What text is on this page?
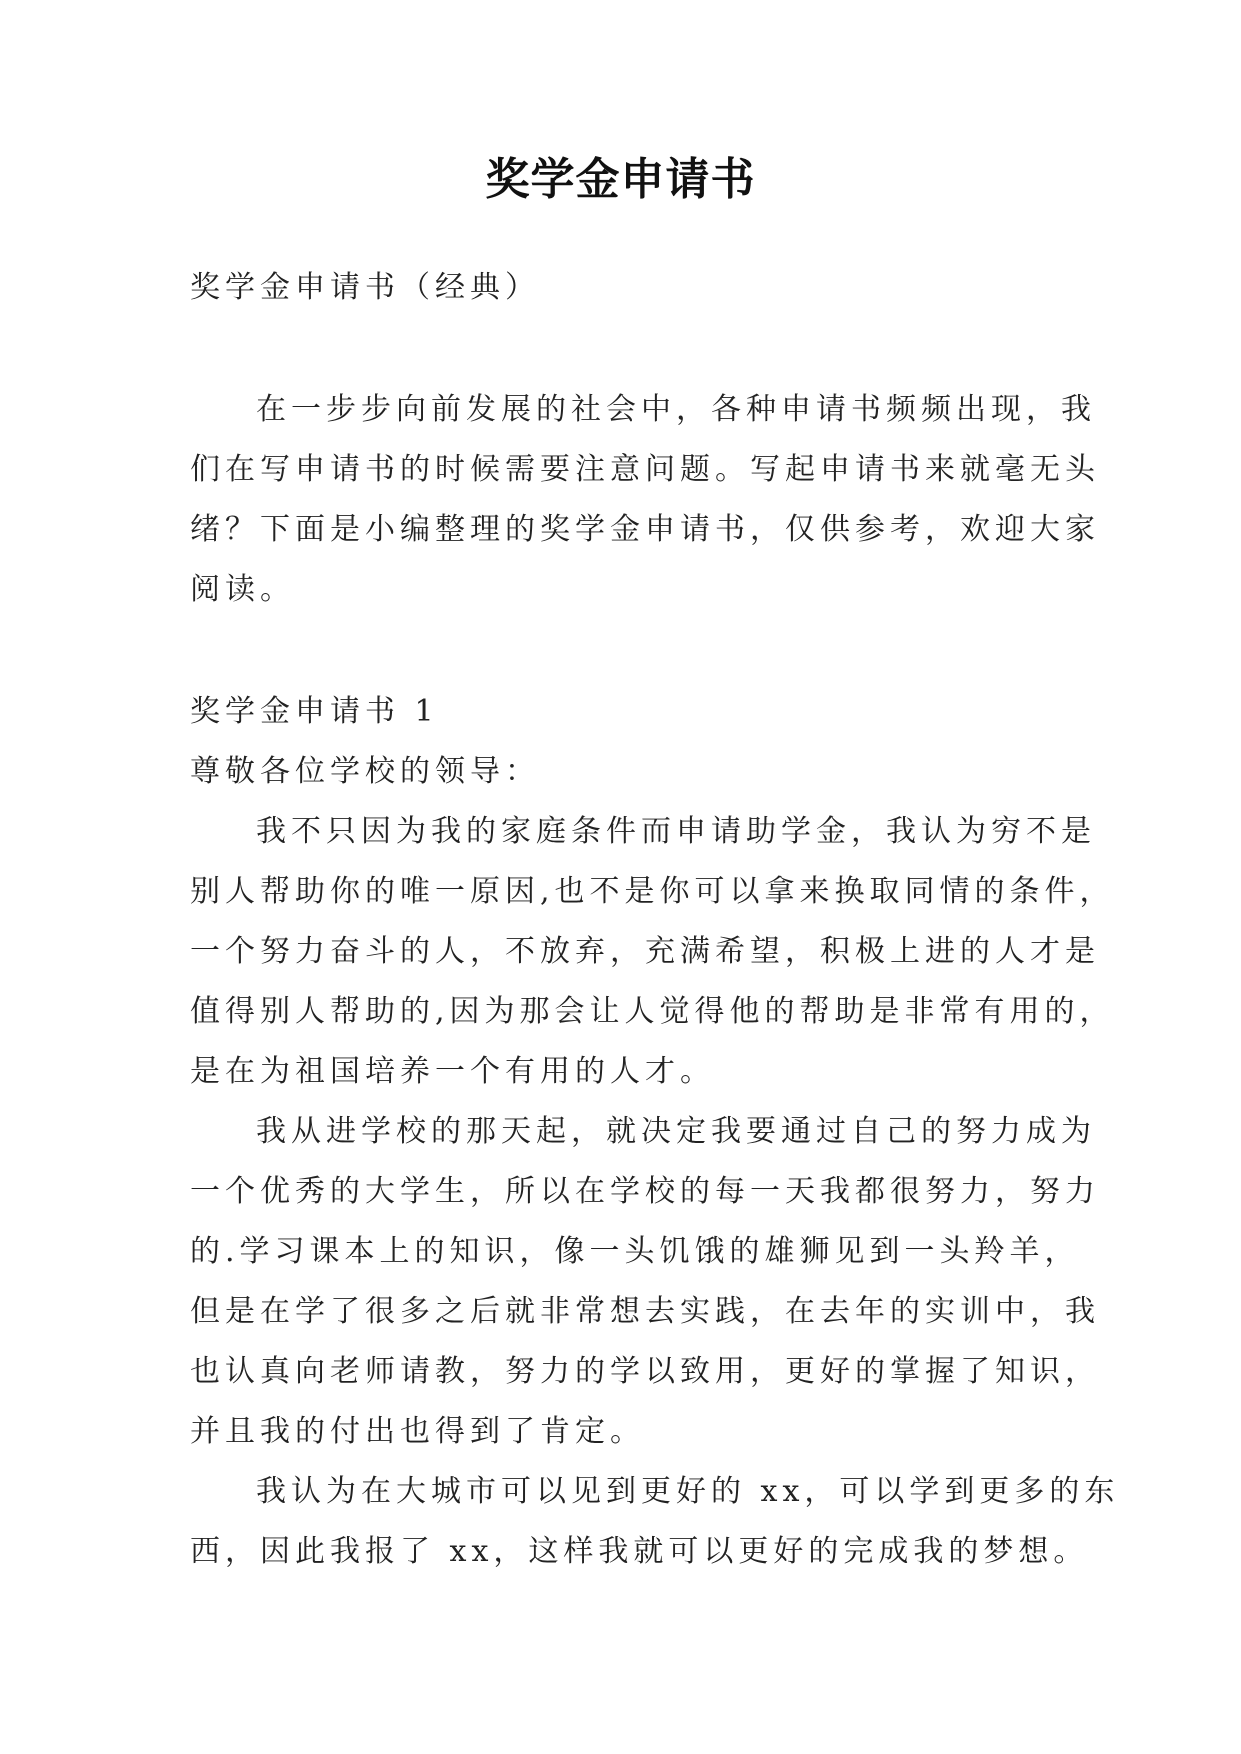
奖学金申请书

奖学金申请书（经典）

在一步步向前发展的社会中，各种申请书频频出现，我

们在写申请书的时候需要注意问题。写起申请书来就毫无头

绪？下面是小编整理的奖学金申请书，仅供参考，欢迎大家

阅读。

奖学金申请书 1

尊敬各位学校的领导：

我不只因为我的家庭条件而申请助学金，我认为穷不是

别人帮助你的唯一原因,也不是你可以拿来换取同情的条件，

一个努力奋斗的人，不放弃，充满希望，积极上进的人才是

值得别人帮助的,因为那会让人觉得他的帮助是非常有用的，

是在为祖国培养一个有用的人才。

我从进学校的那天起，就决定我要通过自己的努力成为

一个优秀的大学生，所以在学校的每一天我都很努力，努力

的.学习课本上的知识，像一头饥饿的雄狮见到一头羚羊，

但是在学了很多之后就非常想去实践，在去年的实训中，我

也认真向老师请教，努力的学以致用，更好的掌握了知识，

并且我的付出也得到了肯定。

我认为在大城市可以见到更好的 xx，可以学到更多的东

西，因此我报了 xx，这样我就可以更好的完成我的梦想。
